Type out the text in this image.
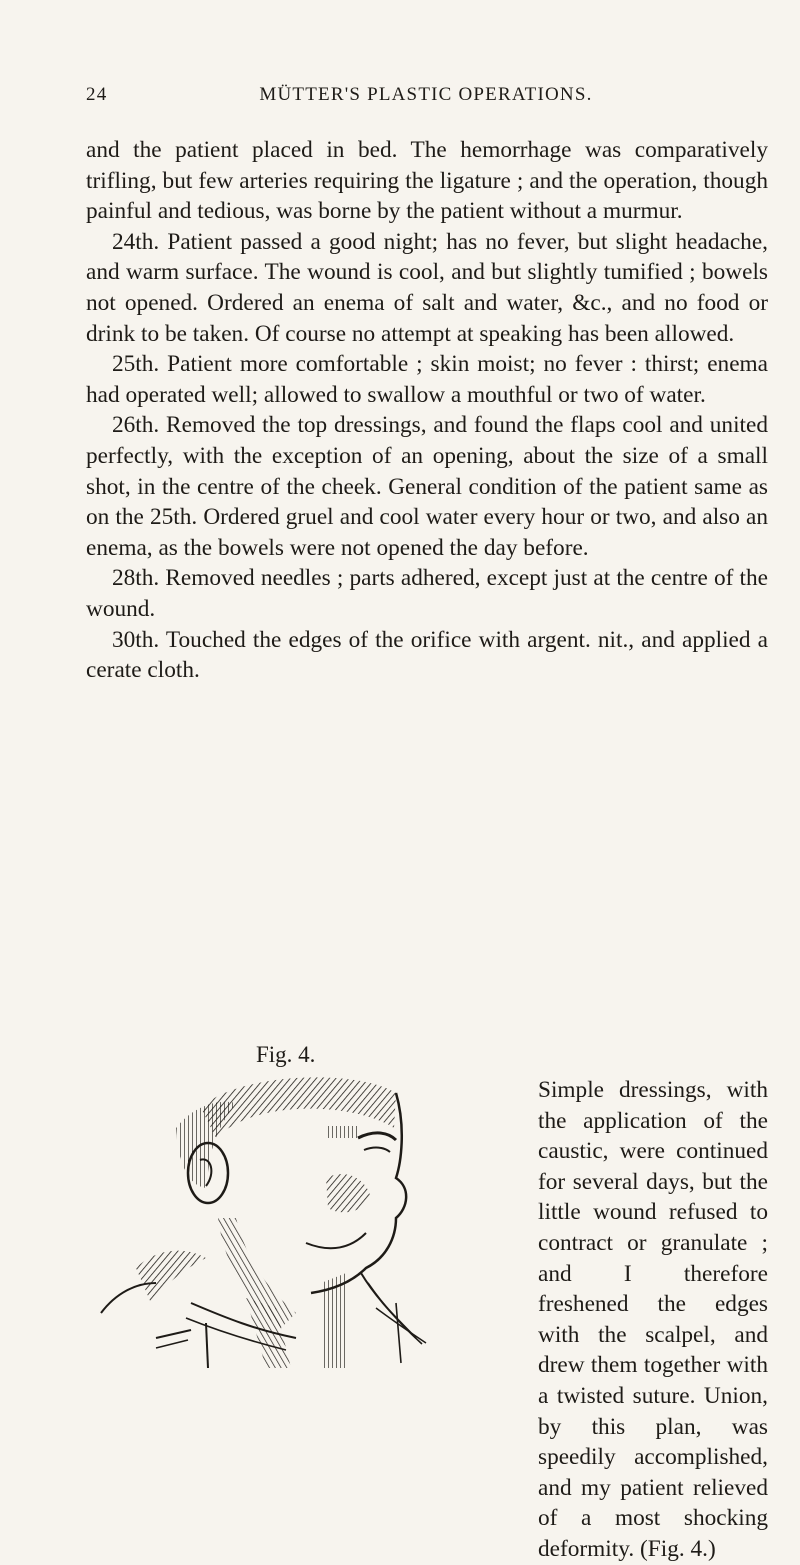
24	MÜTTER'S PLASTIC OPERATIONS.

and the patient placed in bed. The hemorrhage was comparatively trifling, but few arteries requiring the ligature ; and the operation, though painful and tedious, was borne by the patient without a murmur.

24th. Patient passed a good night; has no fever, but slight headache, and warm surface. The wound is cool, and but slightly tumified ; bowels not opened. Ordered an enema of salt and water, &c., and no food or drink to be taken. Of course no attempt at speaking has been allowed.

25th. Patient more comfortable ; skin moist; no fever : thirst; enema had operated well; allowed to swallow a mouthful or two of water.

26th. Removed the top dressings, and found the flaps cool and united perfectly, with the exception of an opening, about the size of a small shot, in the centre of the cheek. General condition of the patient same as on the 25th. Ordered gruel and cool water every hour or two, and also an enema, as the bowels were not opened the day before.

28th. Removed needles ; parts adhered, except just at the centre of the wound.

30th. Touched the edges of the orifice with argent. nit., and applied a cerate cloth.

Fig. 4.

Simple dressings, with the application of the caustic, were continued for several days, but the little wound refused to contract or granulate ; and I therefore freshened the edges with the scalpel, and drew them together with a twisted suture. Union, by this plan, was speedily accomplished, and my patient relieved of a most shocking deformity. (Fig. 4.)
